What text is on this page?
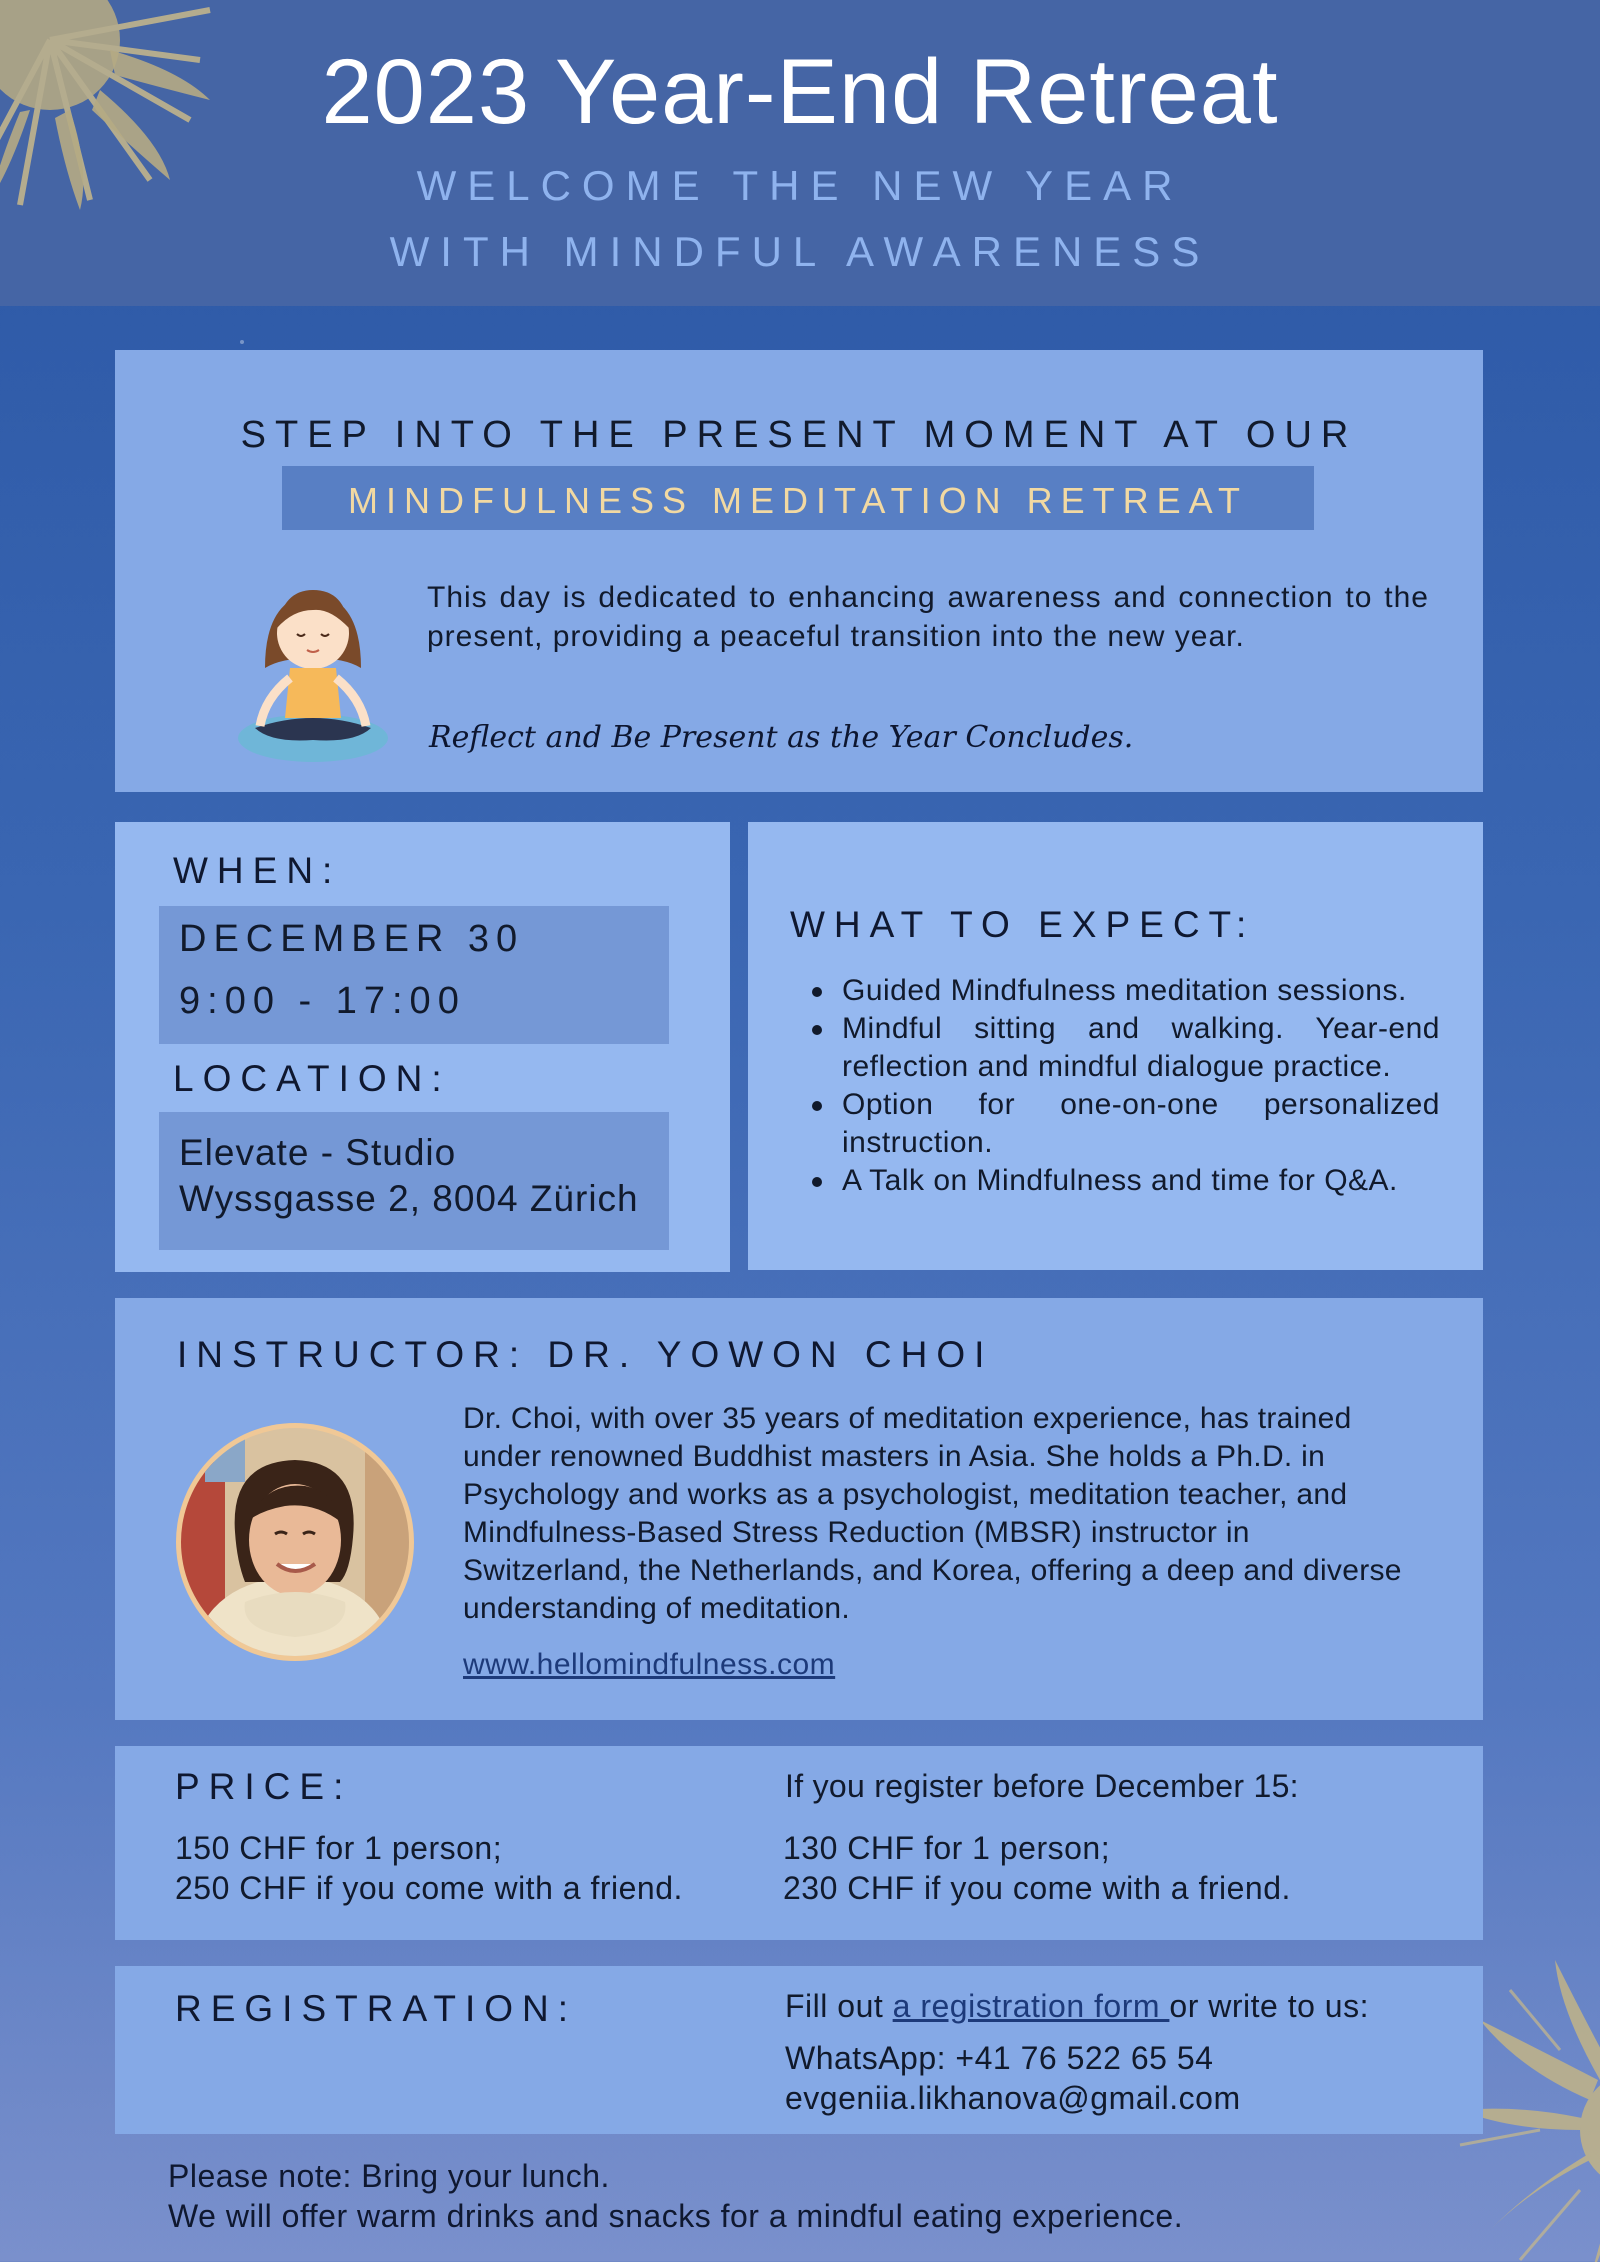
2023 Year-End Retreat
WELCOME THE NEW YEAR
WITH MINDFUL AWARENESS
STEP INTO THE PRESENT MOMENT AT OUR
MINDFULNESS MEDITATION RETREAT

This day is dedicated to enhancing awareness and connection to the present, providing a peaceful transition into the new year.

Reflect and Be Present as the Year Concludes.
WHEN:
DECEMBER 30
9:00 - 17:00
LOCATION:
Elevate - Studio
Wyssgasse 2, 8004 Zürich
WHAT TO EXPECT:
Guided Mindfulness meditation sessions.
Mindful sitting and walking. Year-end reflection and mindful dialogue practice.
Option for one-on-one personalized instruction.
A Talk on Mindfulness and time for Q&A.
INSTRUCTOR: DR. YOWON CHOI

Dr. Choi, with over 35 years of meditation experience, has trained under renowned Buddhist masters in Asia. She holds a Ph.D. in Psychology and works as a psychologist, meditation teacher, and Mindfulness-Based Stress Reduction (MBSR) instructor in Switzerland, the Netherlands, and Korea, offering a deep and diverse understanding of meditation.

www.hellomindfulness.com
PRICE:
150 CHF for 1 person;
250 CHF if you come with a friend.
If you register before December 15:
130 CHF for 1 person;
230 CHF if you come with a friend.
REGISTRATION:	Fill out a registration form or write to us:
WhatsApp: +41 76 522 65 54
evgeniia.likhanova@gmail.com
Please note: Bring your lunch.
We will offer warm drinks and snacks for a mindful eating experience.
